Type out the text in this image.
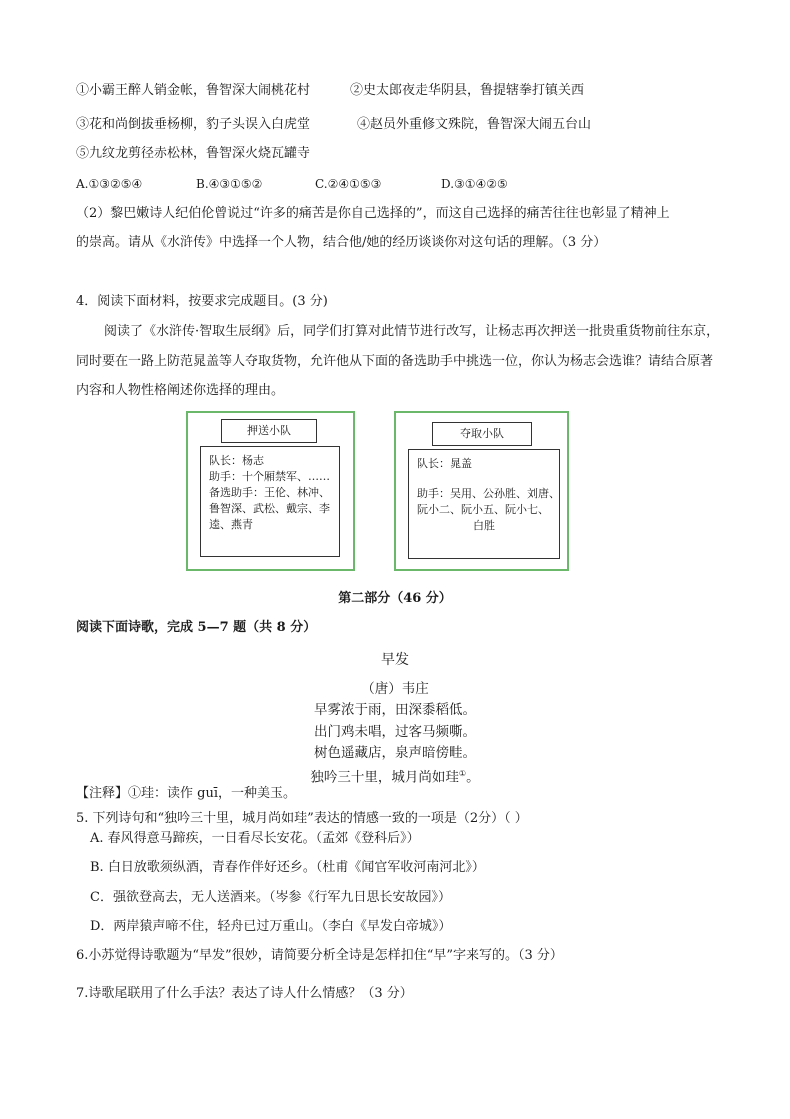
①小霸王醉人销金帐，鲁智深大闹桃花村	②史太郎夜走华阴县，鲁提辖拳打镇关西
③花和尚倒拔垂杨柳，豹子头误入白虎堂	④赵员外重修文殊院，鲁智深大闹五台山
⑤九纹龙剪径赤松林，鲁智深火烧瓦罐寺
A.①③②⑤④	B.④③①⑤②	C.②④①⑤③	D.③①④②⑤
（2）黎巴嫩诗人纪伯伦曾说过“许多的痛苦是你自己选择的”，而这自己选择的痛苦往往也彰显了精神上
的崇高。请从《水浒传》中选择一个人物，结合他/她的经历谈谈你对这句话的理解。（3 分）
4．阅读下面材料，按要求完成题目。(3 分)
阅读了《水浒传·智取生辰纲》后，同学们打算对此情节进行改写，让杨志再次押送一批贵重货物前往东京，
同时要在一路上防范晁盖等人夺取货物，允许他从下面的备选助手中挑选一位，你认为杨志会选谁？请结合原著
内容和人物性格阐述你选择的理由。
押送小队
队长：杨志
助手：十个厢禁军、……
备选助手：王伦、林冲、
鲁智深、武松、戴宗、李
逵、燕青
夺取小队
队长：晁盖
助手：吴用、公孙胜、刘唐、
阮小二、阮小五、阮小七、
白胜
第二部分（46 分）
阅读下面诗歌，完成 5—7 题（共 8 分）
早发
（唐）韦庄
早雾浓于雨，田深黍稻低。
出门鸡未唱，过客马频嘶。
树色遥藏店，泉声暗傍畦。
独吟三十里，城月尚如珪①。
【注释】①珪：读作 guī，一种美玉。
5. 下列诗句和“独吟三十里，城月尚如珪”表达的情感一致的一项是（2分）（ ）
A. 春风得意马蹄疾，一日看尽长安花。（孟郊《登科后》）
B. 白日放歌须纵酒，青春作伴好还乡。（杜甫《闻官军收河南河北》）
C．强欲登高去，无人送酒来。（岑参《行军九日思长安故园》）
D．两岸猿声啼不住，轻舟已过万重山。（李白《早发白帝城》）
6.小苏觉得诗歌题为“早发”很妙，请简要分析全诗是怎样扣住“早”字来写的。（3 分）
7.诗歌尾联用了什么手法？表达了诗人什么情感？（3 分）
